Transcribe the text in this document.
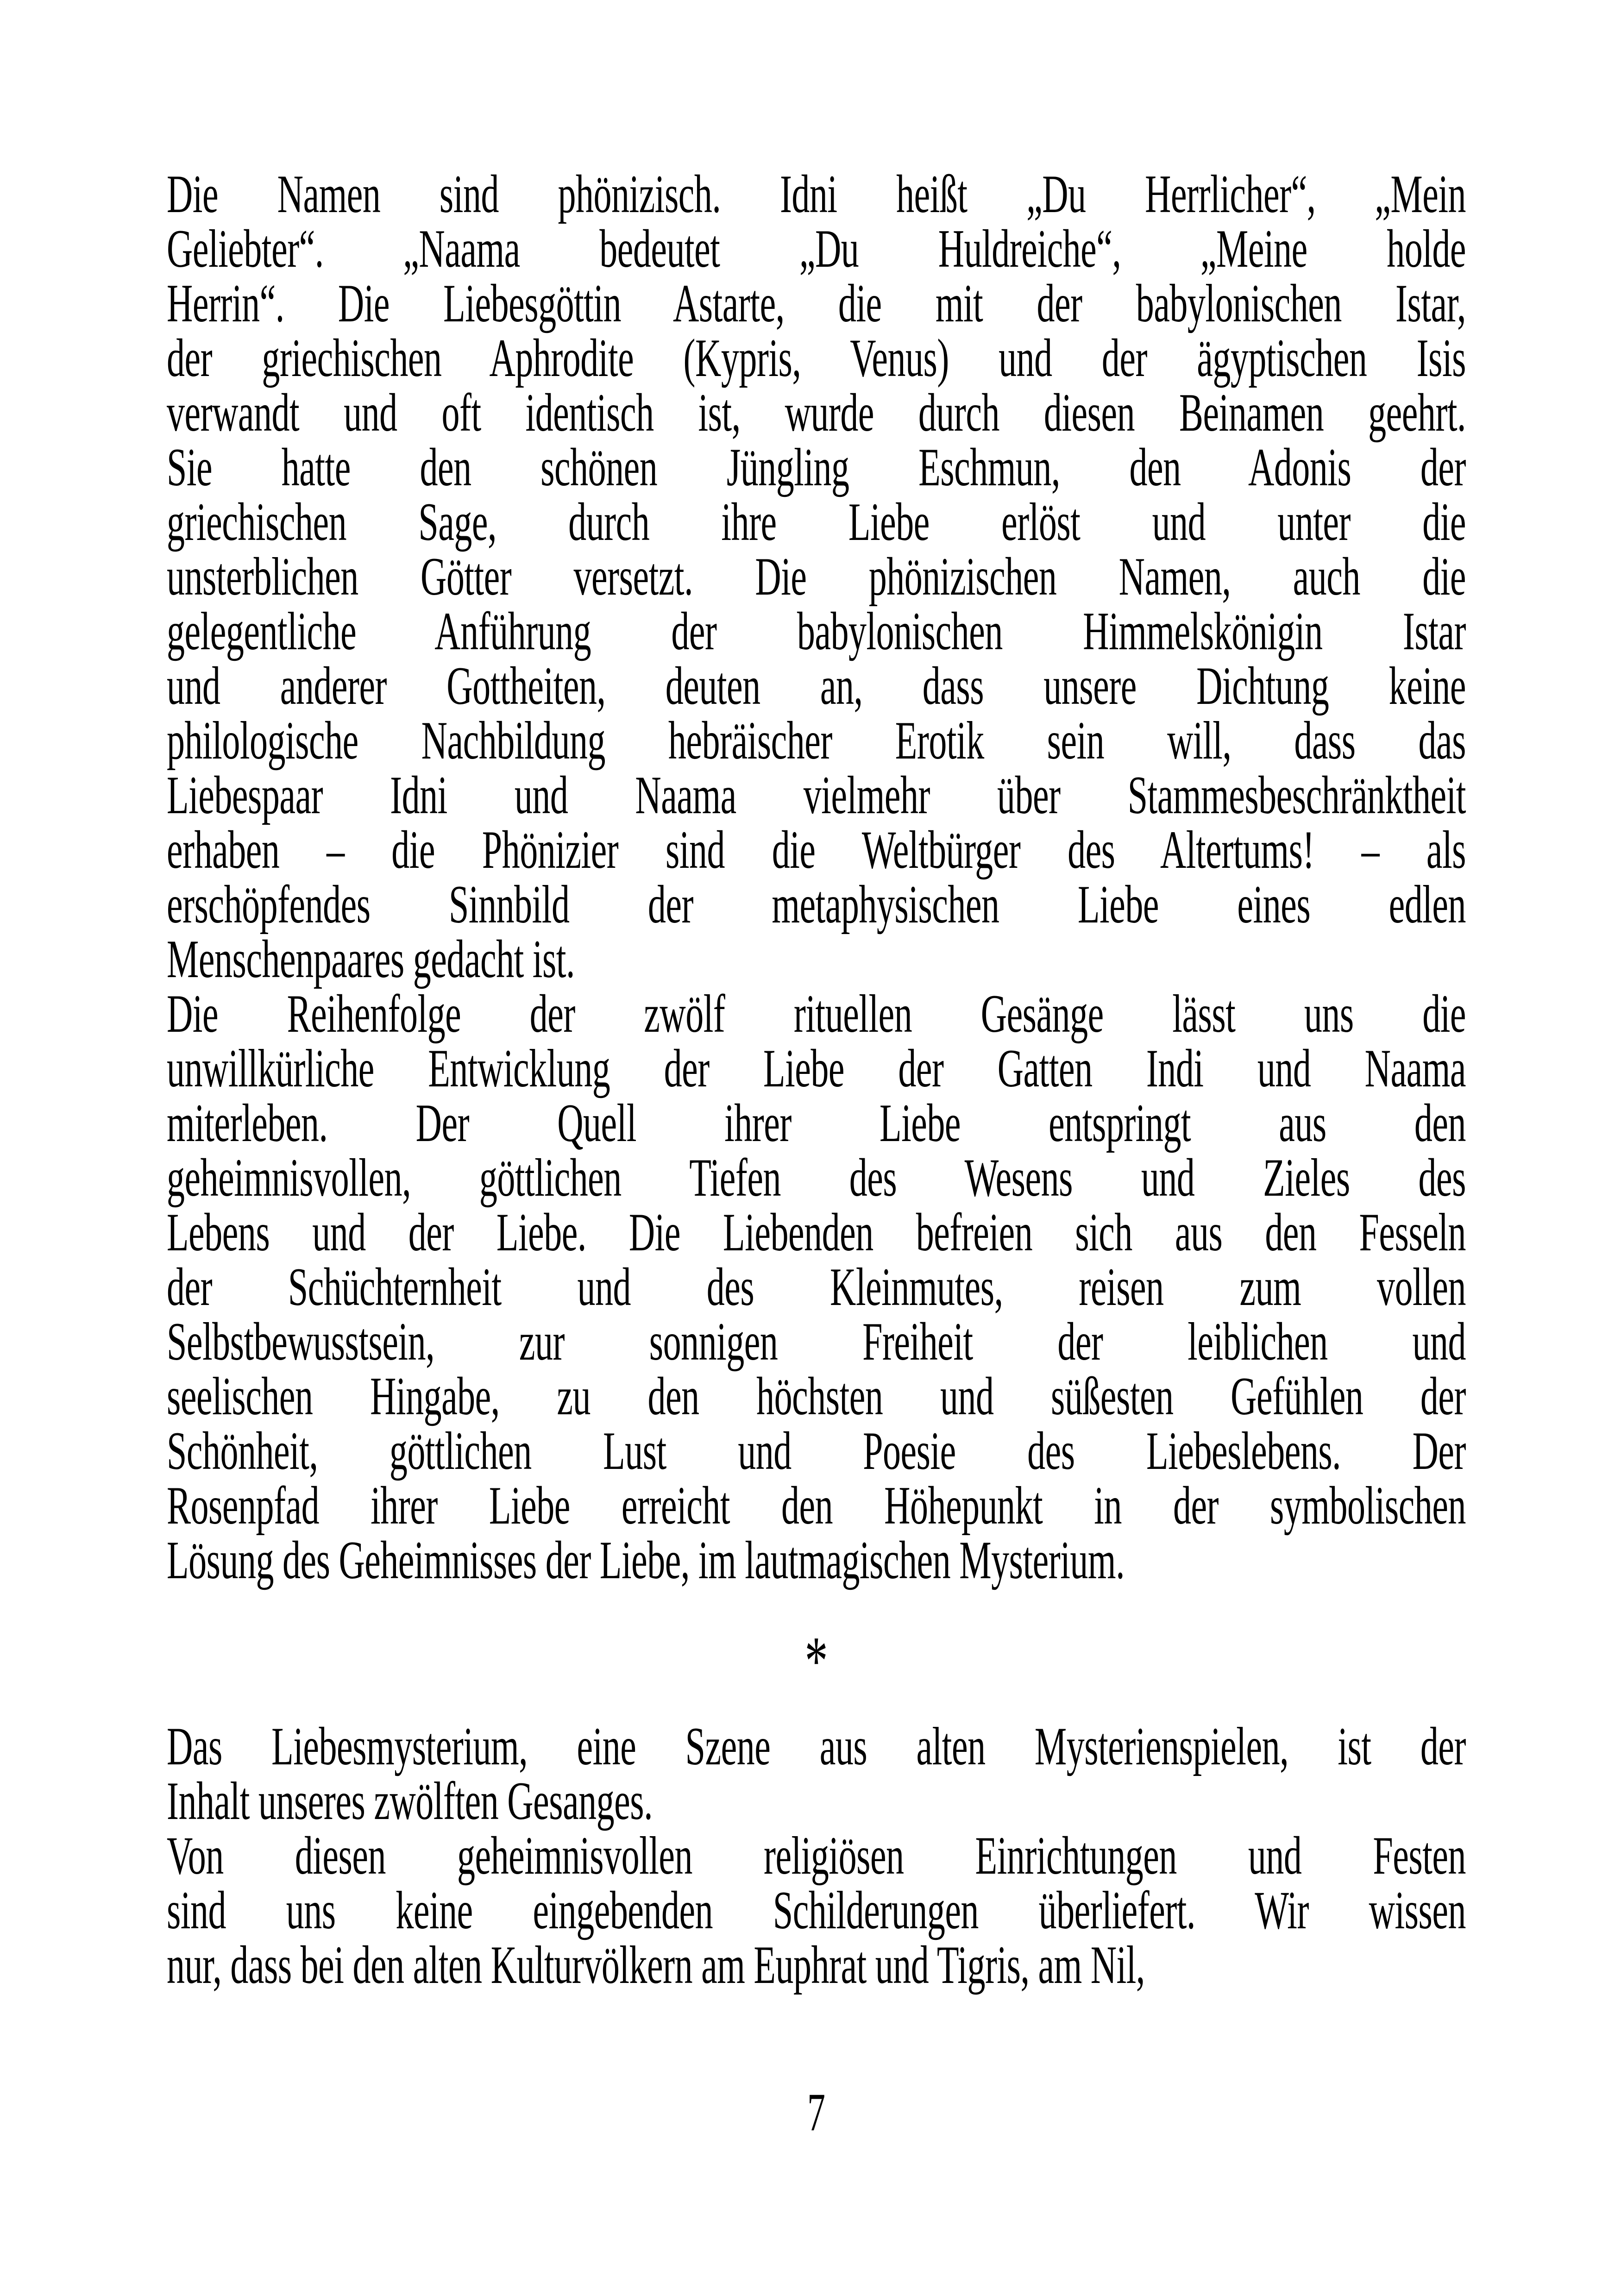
Die Namen sind phönizisch. Idni heißt „Du Herrlicher“, „Mein
Geliebter“. „Naama bedeutet „Du Huldreiche“, „Meine holde
Herrin“. Die Liebesgöttin Astarte, die mit der babylonischen Istar,
der griechischen Aphrodite (Kypris, Venus) und der ägyptischen Isis
verwandt und oft identisch ist, wurde durch diesen Beinamen geehrt.
Sie hatte den schönen Jüngling Eschmun, den Adonis der
griechischen Sage, durch ihre Liebe erlöst und unter die
unsterblichen Götter versetzt. Die phönizischen Namen, auch die
gelegentliche Anführung der babylonischen Himmelskönigin Istar
und anderer Gottheiten, deuten an, dass unsere Dichtung keine
philologische Nachbildung hebräischer Erotik sein will, dass das
Liebespaar Idni und Naama vielmehr über Stammesbeschränktheit
erhaben – die Phönizier sind die Weltbürger des Altertums! – als
erschöpfendes Sinnbild der metaphysischen Liebe eines edlen
Menschenpaares gedacht ist.
Die Reihenfolge der zwölf rituellen Gesänge lässt uns die
unwillkürliche Entwicklung der Liebe der Gatten Indi und Naama
miterleben. Der Quell ihrer Liebe entspringt aus den
geheimnisvollen, göttlichen Tiefen des Wesens und Zieles des
Lebens und der Liebe. Die Liebenden befreien sich aus den Fesseln
der Schüchternheit und des Kleinmutes, reisen zum vollen
Selbstbewusstsein, zur sonnigen Freiheit der leiblichen und
seelischen Hingabe, zu den höchsten und süßesten Gefühlen der
Schönheit, göttlichen Lust und Poesie des Liebeslebens. Der
Rosenpfad ihrer Liebe erreicht den Höhepunkt in der symbolischen
Lösung des Geheimnisses der Liebe, im lautmagischen Mysterium.
*
Das Liebesmysterium, eine Szene aus alten Mysterienspielen, ist der
Inhalt unseres zwölften Gesanges.
Von diesen geheimnisvollen religiösen Einrichtungen und Festen
sind uns keine eingebenden Schilderungen überliefert. Wir wissen
nur, dass bei den alten Kulturvölkern am Euphrat und Tigris, am Nil,
7
